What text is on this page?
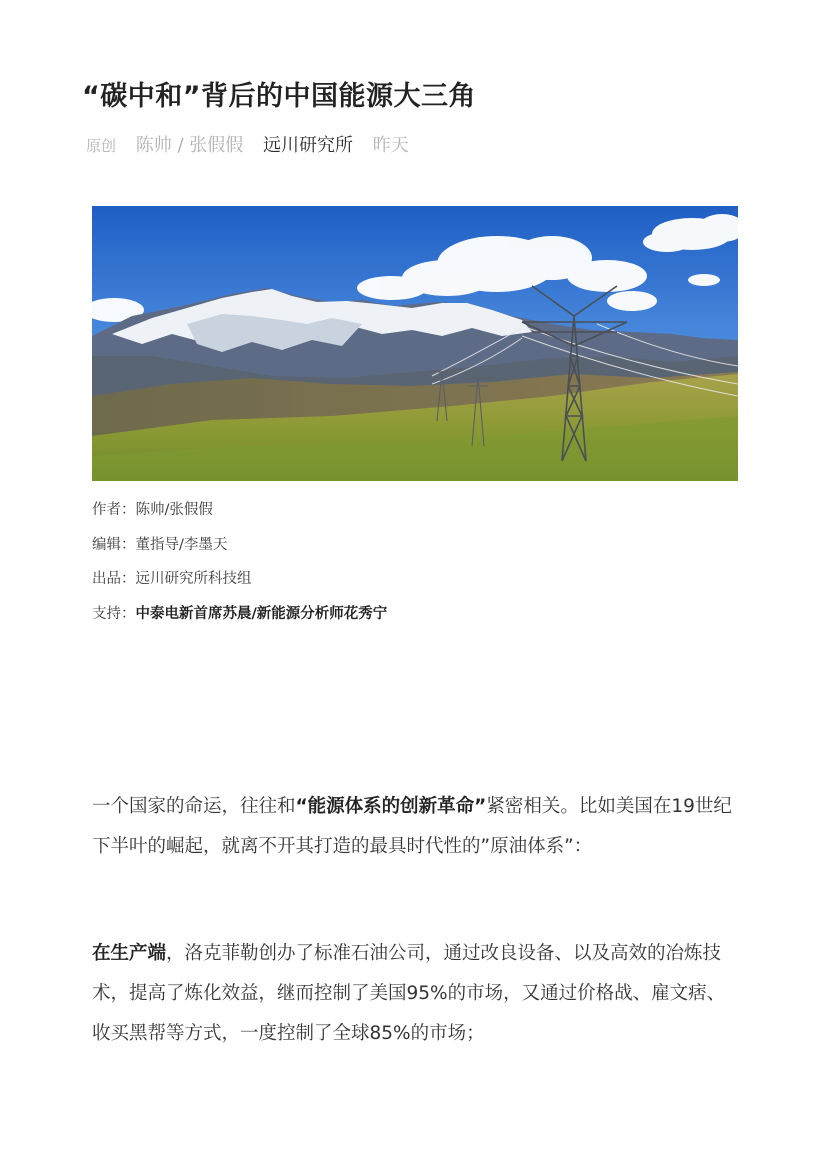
“碳中和”背后的中国能源大三角
原创 陈帅 / 张假假 远川研究所 昨天
作者：陈帅/张假假
编辑：董指导/李墨天
出品：远川研究所科技组
支持：中泰电新首席苏晨/新能源分析师花秀宁

一个国家的命运，往往和“能源体系的创新革命”紧密相关。比如美国在19世纪下半叶的崛起，就离不开其打造的最具时代性的”原油体系”：

在生产端，洛克菲勒创办了标准石油公司，通过改良设备、以及高效的冶炼技术，提高了炼化效益，继而控制了美国95%的市场，又通过价格战、雇文痞、收买黑帮等方式，一度控制了全球85%的市场；
